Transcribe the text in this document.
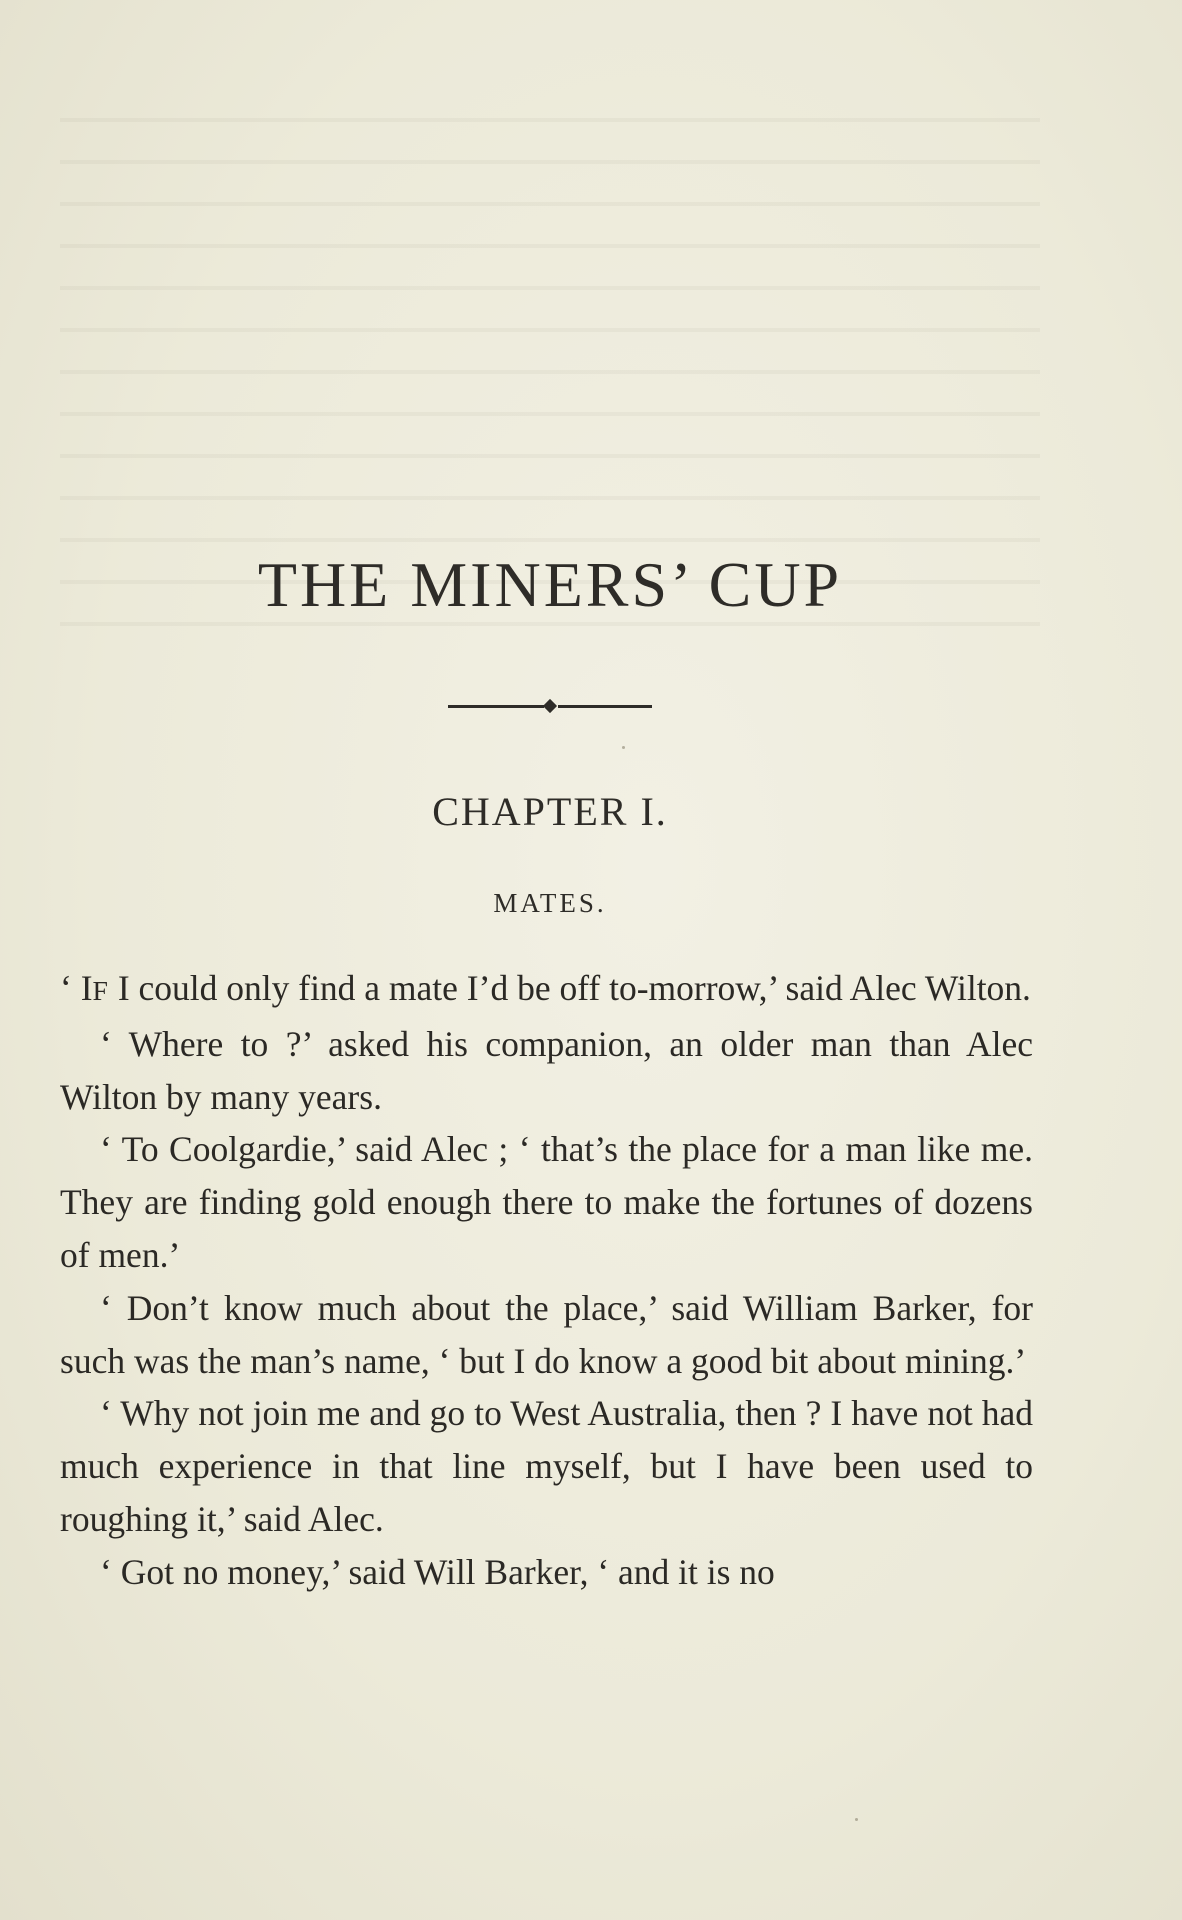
THE MINERS’ CUP
CHAPTER I.
MATES.

‘ IF I could only find a mate I’d be off to-morrow,’ said Alec Wilton.

‘ Where to ?’ asked his companion, an older man than Alec Wilton by many years.

‘ To Coolgardie,’ said Alec ; ‘ that’s the place for a man like me. They are finding gold enough there to make the fortunes of dozens of men.’

‘ Don’t know much about the place,’ said William Barker, for such was the man’s name, ‘ but I do know a good bit about mining.’

‘ Why not join me and go to West Australia, then ? I have not had much experience in that line myself, but I have been used to roughing it,’ said Alec.

‘ Got no money,’ said Will Barker, ‘ and it is no
